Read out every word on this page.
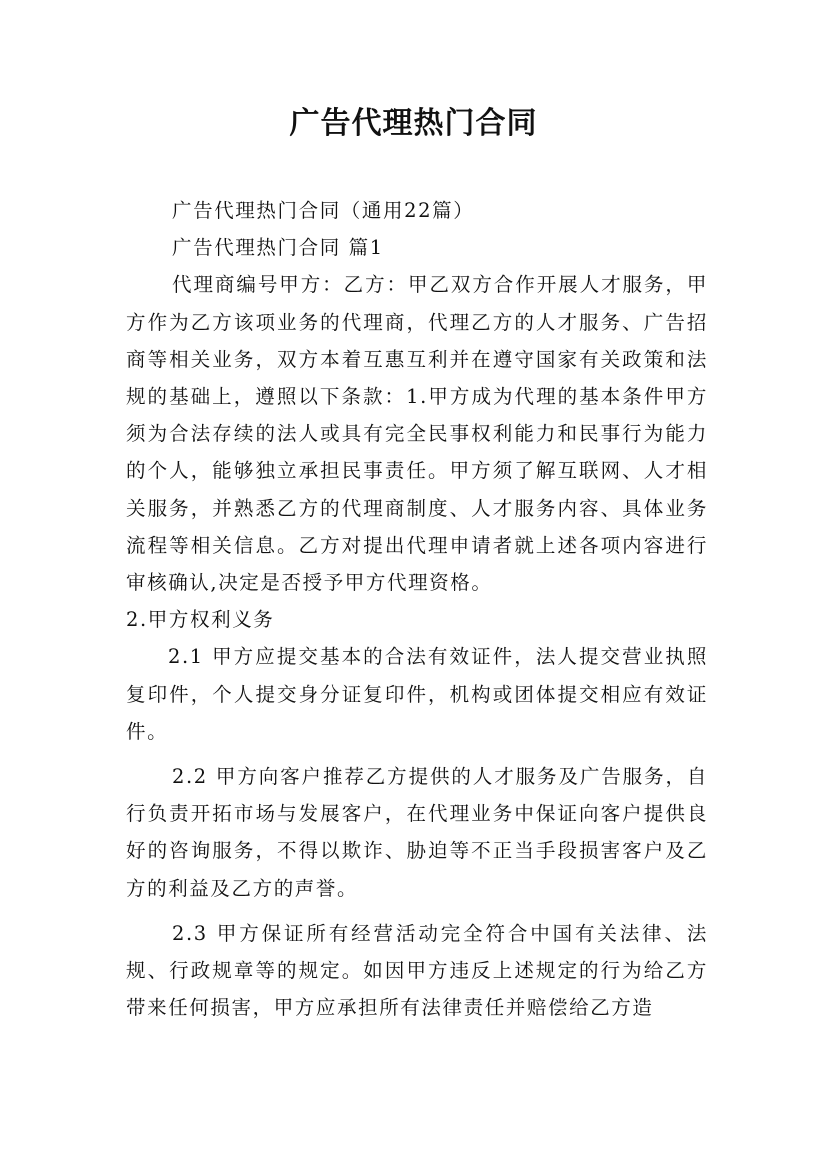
广告代理热门合同

广告代理热门合同（通用22篇）

广告代理热门合同 篇1

代理商编号甲方：乙方：甲乙双方合作开展人才服务，甲方作为乙方该项业务的代理商，代理乙方的人才服务、广告招商等相关业务，双方本着互惠互利并在遵守国家有关政策和法规的基础上，遵照以下条款：1.甲方成为代理的基本条件甲方须为合法存续的法人或具有完全民事权利能力和民事行为能力的个人，能够独立承担民事责任。甲方须了解互联网、人才相关服务，并熟悉乙方的代理商制度、人才服务内容、具体业务流程等相关信息。乙方对提出代理申请者就上述各项内容进行审核确认,决定是否授予甲方代理资格。

2.甲方权利义务

2.1 甲方应提交基本的合法有效证件，法人提交营业执照复印件，个人提交身分证复印件，机构或团体提交相应有效证件。

2.2 甲方向客户推荐乙方提供的人才服务及广告服务，自行负责开拓市场与发展客户，在代理业务中保证向客户提供良好的咨询服务，不得以欺诈、胁迫等不正当手段损害客户及乙方的利益及乙方的声誉。

2.3 甲方保证所有经营活动完全符合中国有关法律、法规、行政规章等的规定。如因甲方违反上述规定的行为给乙方带来任何损害，甲方应承担所有法律责任并赔偿给乙方造
